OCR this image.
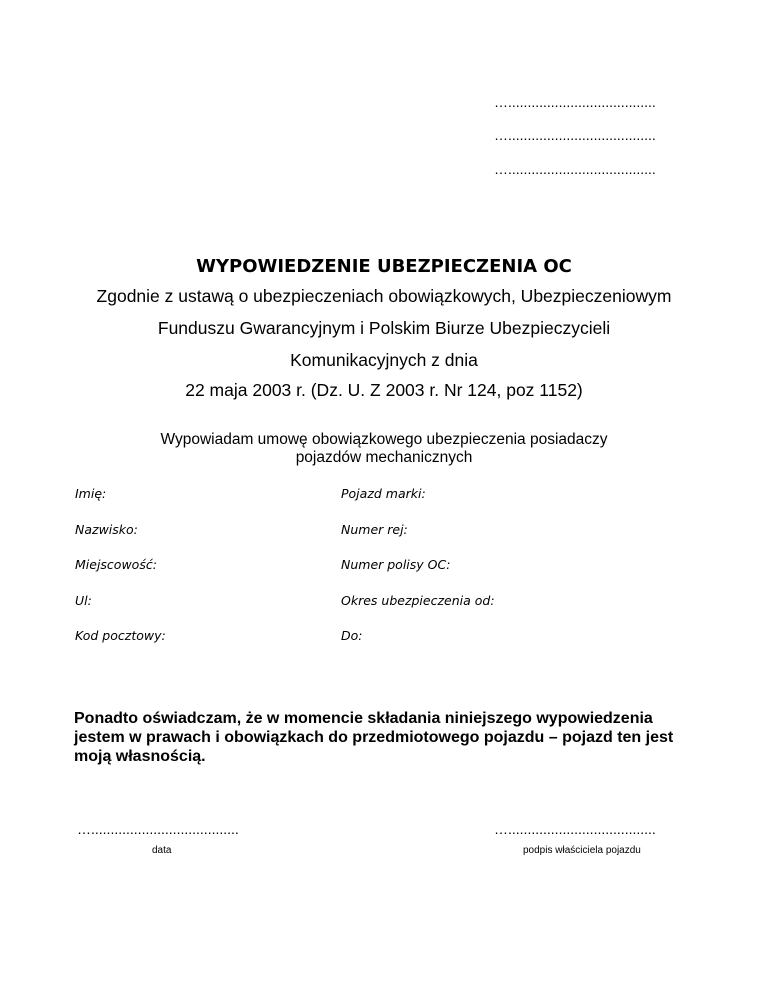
…......................................
…......................................
…......................................
WYPOWIEDZENIE UBEZPIECZENIA OC
Zgodnie z ustawą o ubezpieczeniach obowiązkowych, Ubezpieczeniowym
Funduszu Gwarancyjnym i Polskim Biurze Ubezpieczycieli
Komunikacyjnych z dnia
22 maja 2003 r. (Dz. U. Z 2003 r. Nr 124, poz 1152)
Wypowiadam umowę obowiązkowego ubezpieczenia posiadaczy
pojazdów mechanicznych
Imię:
Nazwisko:
Miejscowość:
Ul:
Kod pocztowy:
Pojazd marki:
Numer rej:
Numer polisy OC:
Okres ubezpieczenia od:
Do:
Ponadto oświadczam, że w momencie składania niniejszego wypowiedzenia jestem w prawach i obowiązkach do przedmiotowego pojazdu – pojazd ten jest moją własnością.
…......................................
data
…......................................
podpis właściciela pojazdu
